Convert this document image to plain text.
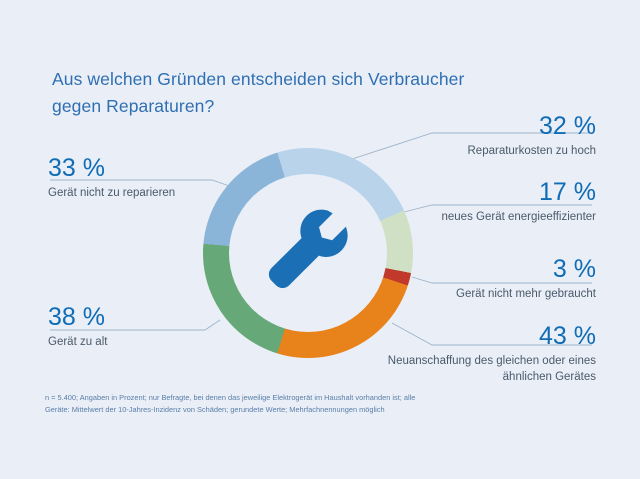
Aus welchen Gründen entscheiden sich Verbraucher gegen Reparaturen?
32 %
Reparaturkosten zu hoch
17 %
neues Gerät energieeffizienter
3 %
Gerät nicht mehr gebraucht
43 %
Neuanschaffung des gleichen oder eines ähnlichen Gerätes
33 %
Gerät nicht zu reparieren
38 %
Gerät zu alt
n = 5.400; Angaben in Prozent; nur Befragte, bei denen das jeweilige Elektrogerät im Haushalt vorhanden ist; alle Geräte: Mittelwert der 10-Jahres-Inzidenz von Schäden; gerundete Werte; Mehrfachnennungen möglich
